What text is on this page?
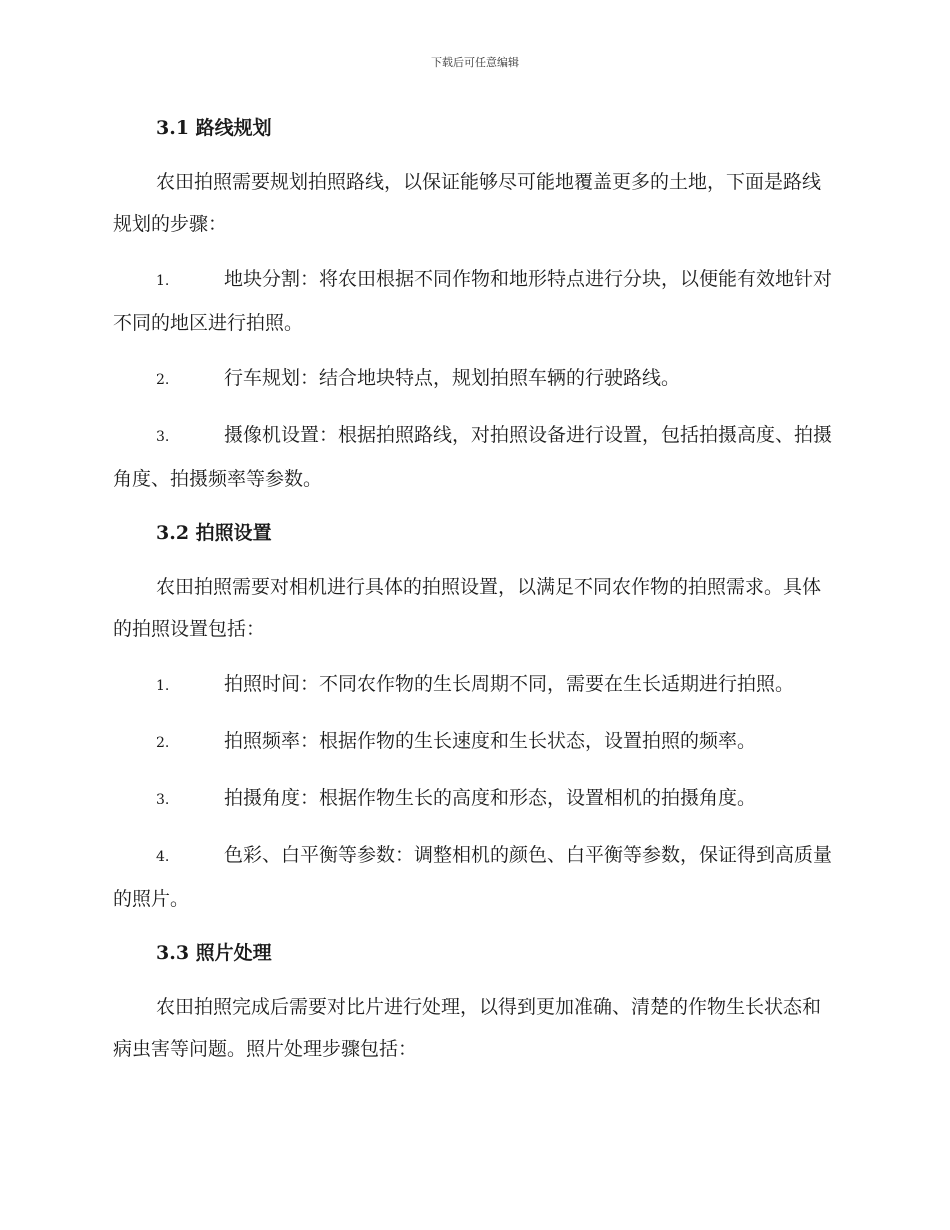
下载后可任意编辑
3.1 路线规划

农田拍照需要规划拍照路线，以保证能够尽可能地覆盖更多的土地，下面是路线规划的步骤：

1.	地块分割：将农田根据不同作物和地形特点进行分块，以便能有效地针对不同的地区进行拍照。

2.	行车规划：结合地块特点，规划拍照车辆的行驶路线。

3.	摄像机设置：根据拍照路线，对拍照设备进行设置，包括拍摄高度、拍摄角度、拍摄频率等参数。

3.2 拍照设置

农田拍照需要对相机进行具体的拍照设置，以满足不同农作物的拍照需求。具体的拍照设置包括：

1.	拍照时间：不同农作物的生长周期不同，需要在生长适期进行拍照。

2.	拍照频率：根据作物的生长速度和生长状态，设置拍照的频率。

3.	拍摄角度：根据作物生长的高度和形态，设置相机的拍摄角度。

4.	色彩、白平衡等参数：调整相机的颜色、白平衡等参数，保证得到高质量的照片。

3.3 照片处理

农田拍照完成后需要对比片进行处理，以得到更加准确、清楚的作物生长状态和病虫害等问题。照片处理步骤包括：
